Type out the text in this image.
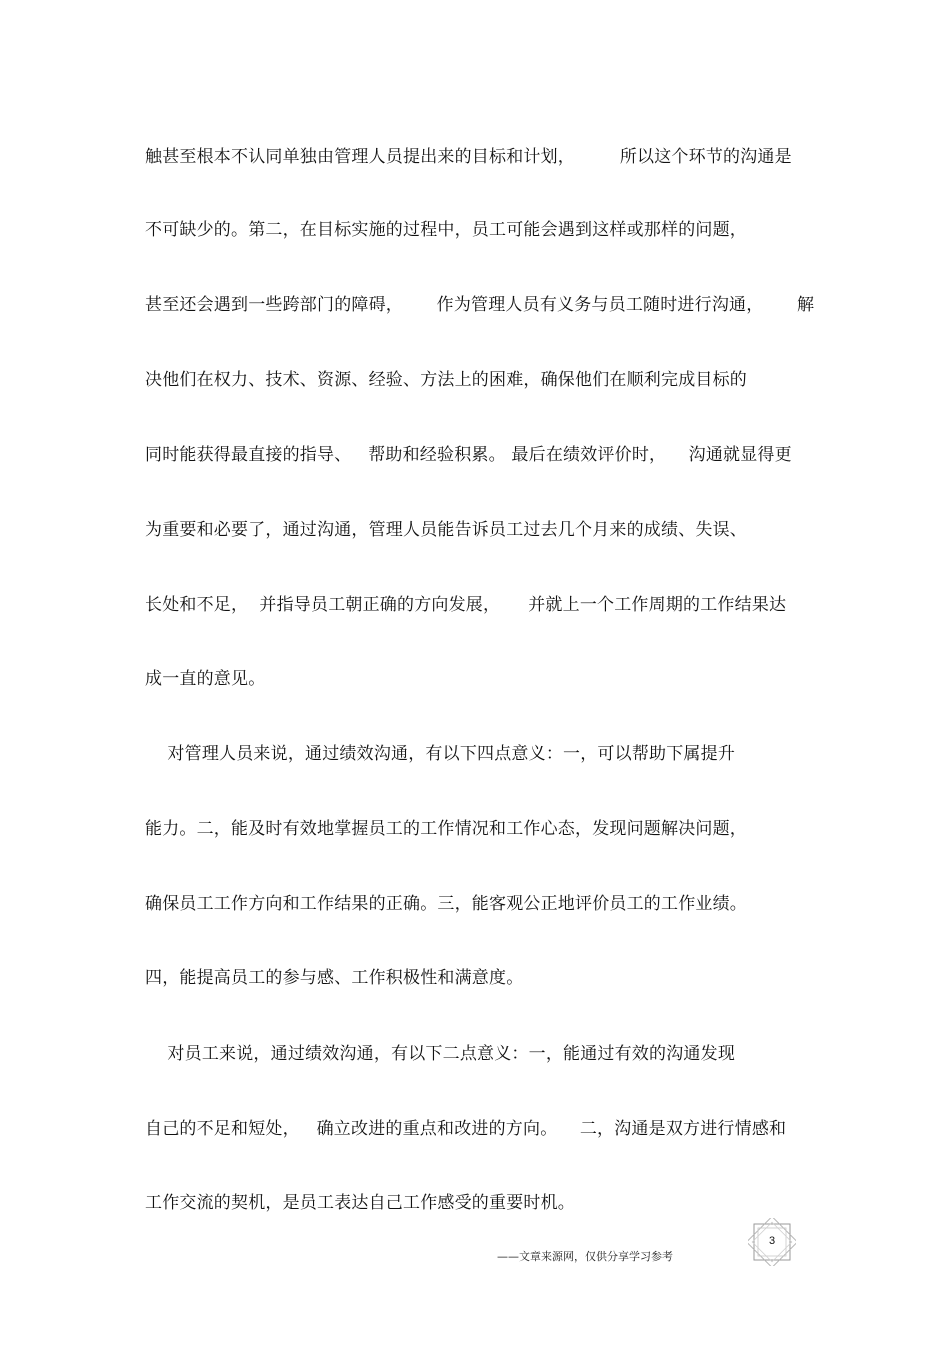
触甚至根本不认同单独由管理人员提出来的目标和计划，        所以这个环节的沟通是
不可缺少的。第二，在目标实施的过程中，员工可能会遇到这样或那样的问题，
甚至还会遇到一些跨部门的障碍，      作为管理人员有义务与员工随时进行沟通，      解
决他们在权力、技术、资源、经验、方法上的困难，确保他们在顺利完成目标的
同时能获得最直接的指导、   帮助和经验积累。 最后在绩效评价时，    沟通就显得更
为重要和必要了，通过沟通，管理人员能告诉员工过去几个月来的成绩、失误、
长处和不足，  并指导员工朝正确的方向发展，     并就上一个工作周期的工作结果达
成一直的意见。
对管理人员来说，通过绩效沟通，有以下四点意义：一，可以帮助下属提升
能力。二，能及时有效地掌握员工的工作情况和工作心态，发现问题解决问题，
确保员工工作方向和工作结果的正确。三，能客观公正地评价员工的工作业绩。
四，能提高员工的参与感、工作积极性和满意度。
对员工来说，通过绩效沟通，有以下二点意义：一，能通过有效的沟通发现
自己的不足和短处，   确立改进的重点和改进的方向。    二，沟通是双方进行情感和
工作交流的契机，是员工表达自己工作感受的重要时机。
——文章来源网，仅供分享学习参考
3
